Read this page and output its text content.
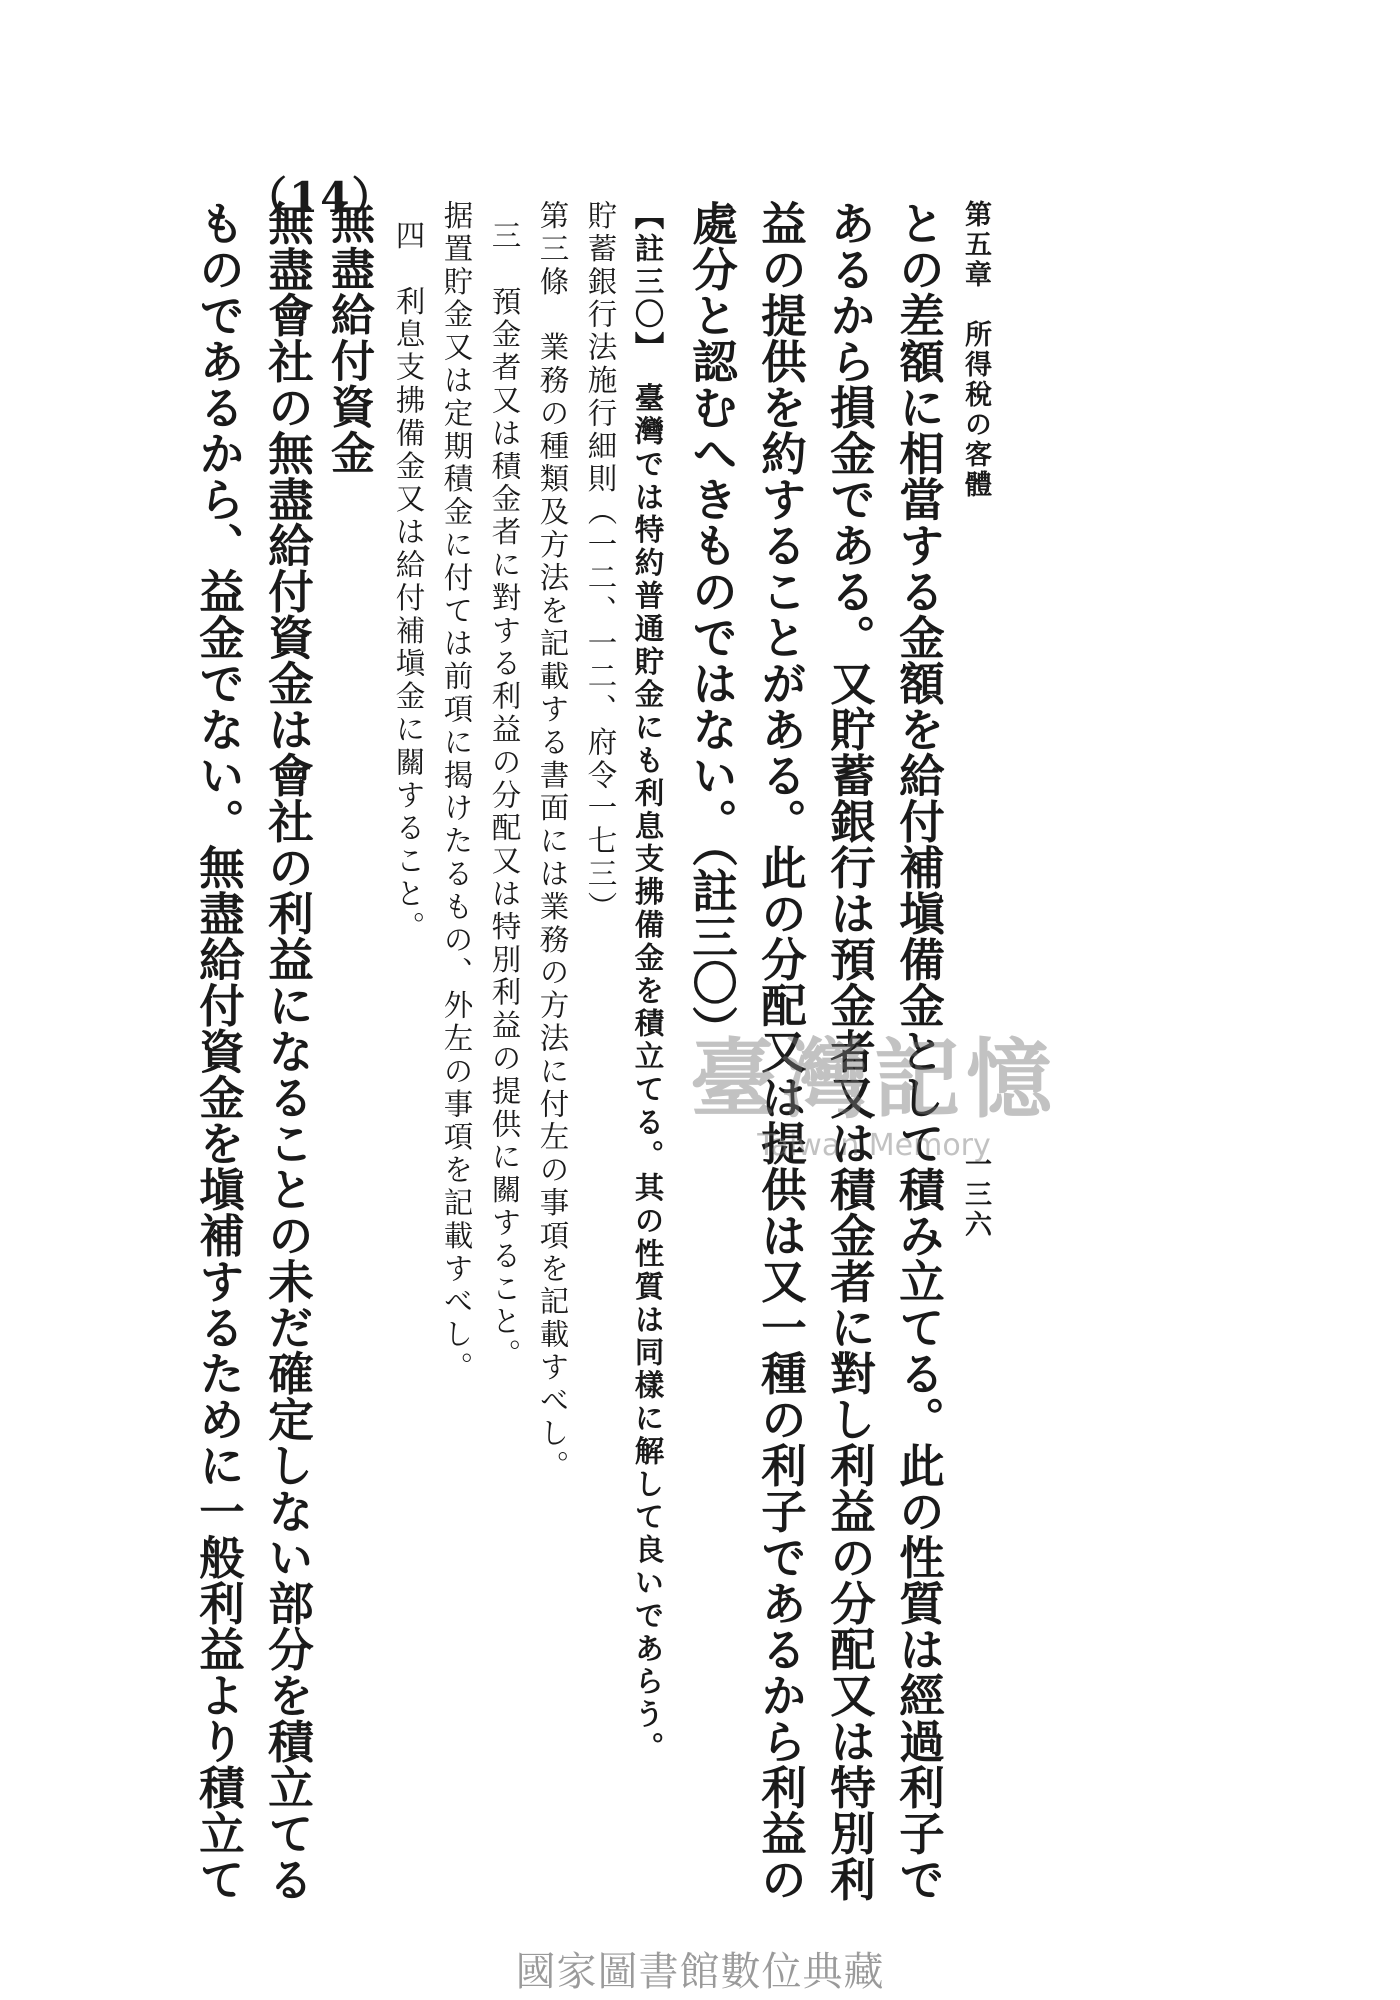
第五章　所得稅の客體

一三六

との差額に相當する金額を給付補塡備金として積み立てる。此の性質は經過利子で

あるから損金である。又貯蓄銀行は預金者又は積金者に對し利益の分配又は特別利

益の提供を約することがある。此の分配又は提供は又一種の利子であるから利益の

處分と認むへきものではない。（註三〇）

【註三〇】　臺灣では特約普通貯金にも利息支拂備金を積立てる。其の性質は同樣に解して良いであらう。

貯蓄銀行法施行細則（一二、一二、府令一七三）

第三條　業務の種類及方法を記載する書面には業務の方法に付左の事項を記載すべし。

三　預金者又は積金者に對する利益の分配又は特別利益の提供に關すること。

据置貯金又は定期積金に付ては前項に揭けたるもの、外左の事項を記載すべし。

四　利息支拂備金又は給付補塡金に關すること。

無盡給付資金

（14）

無盡會社の無盡給付資金は會社の利益になることの未だ確定しない部分を積立てる

ものであるから、益金でない。無盡給付資金を塡補するために一般利益より積立て	臺灣記憶
Taiwan Memory
國家圖書館數位典藏
